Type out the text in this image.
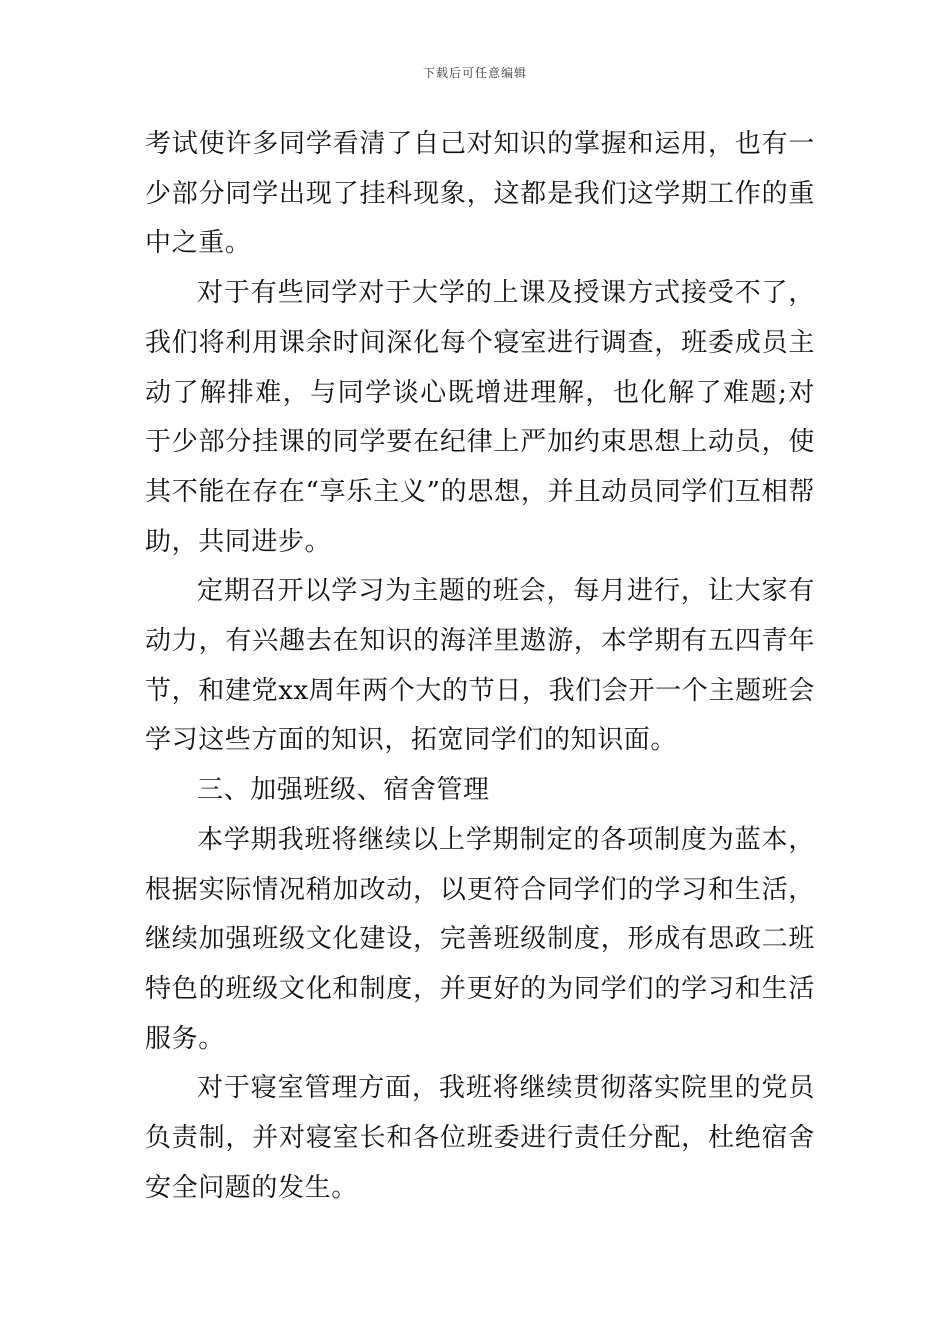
下载后可任意编辑

考试使许多同学看清了自己对知识的掌握和运用，也有一少部分同学出现了挂科现象，这都是我们这学期工作的重中之重。

对于有些同学对于大学的上课及授课方式接受不了，我们将利用课余时间深化每个寝室进行调查，班委成员主动了解排难，与同学谈心既增进理解，也化解了难题;对于少部分挂课的同学要在纪律上严加约束思想上动员，使其不能在存在“享乐主义”的思想，并且动员同学们互相帮助，共同进步。

定期召开以学习为主题的班会，每月进行，让大家有动力，有兴趣去在知识的海洋里遨游，本学期有五四青年节，和建党xx周年两个大的节日，我们会开一个主题班会学习这些方面的知识，拓宽同学们的知识面。

三、加强班级、宿舍管理

本学期我班将继续以上学期制定的各项制度为蓝本，根据实际情况稍加改动，以更符合同学们的学习和生活，继续加强班级文化建设，完善班级制度，形成有思政二班特色的班级文化和制度，并更好的为同学们的学习和生活服务。

对于寝室管理方面，我班将继续贯彻落实院里的党员负责制，并对寝室长和各位班委进行责任分配，杜绝宿舍安全问题的发生。
